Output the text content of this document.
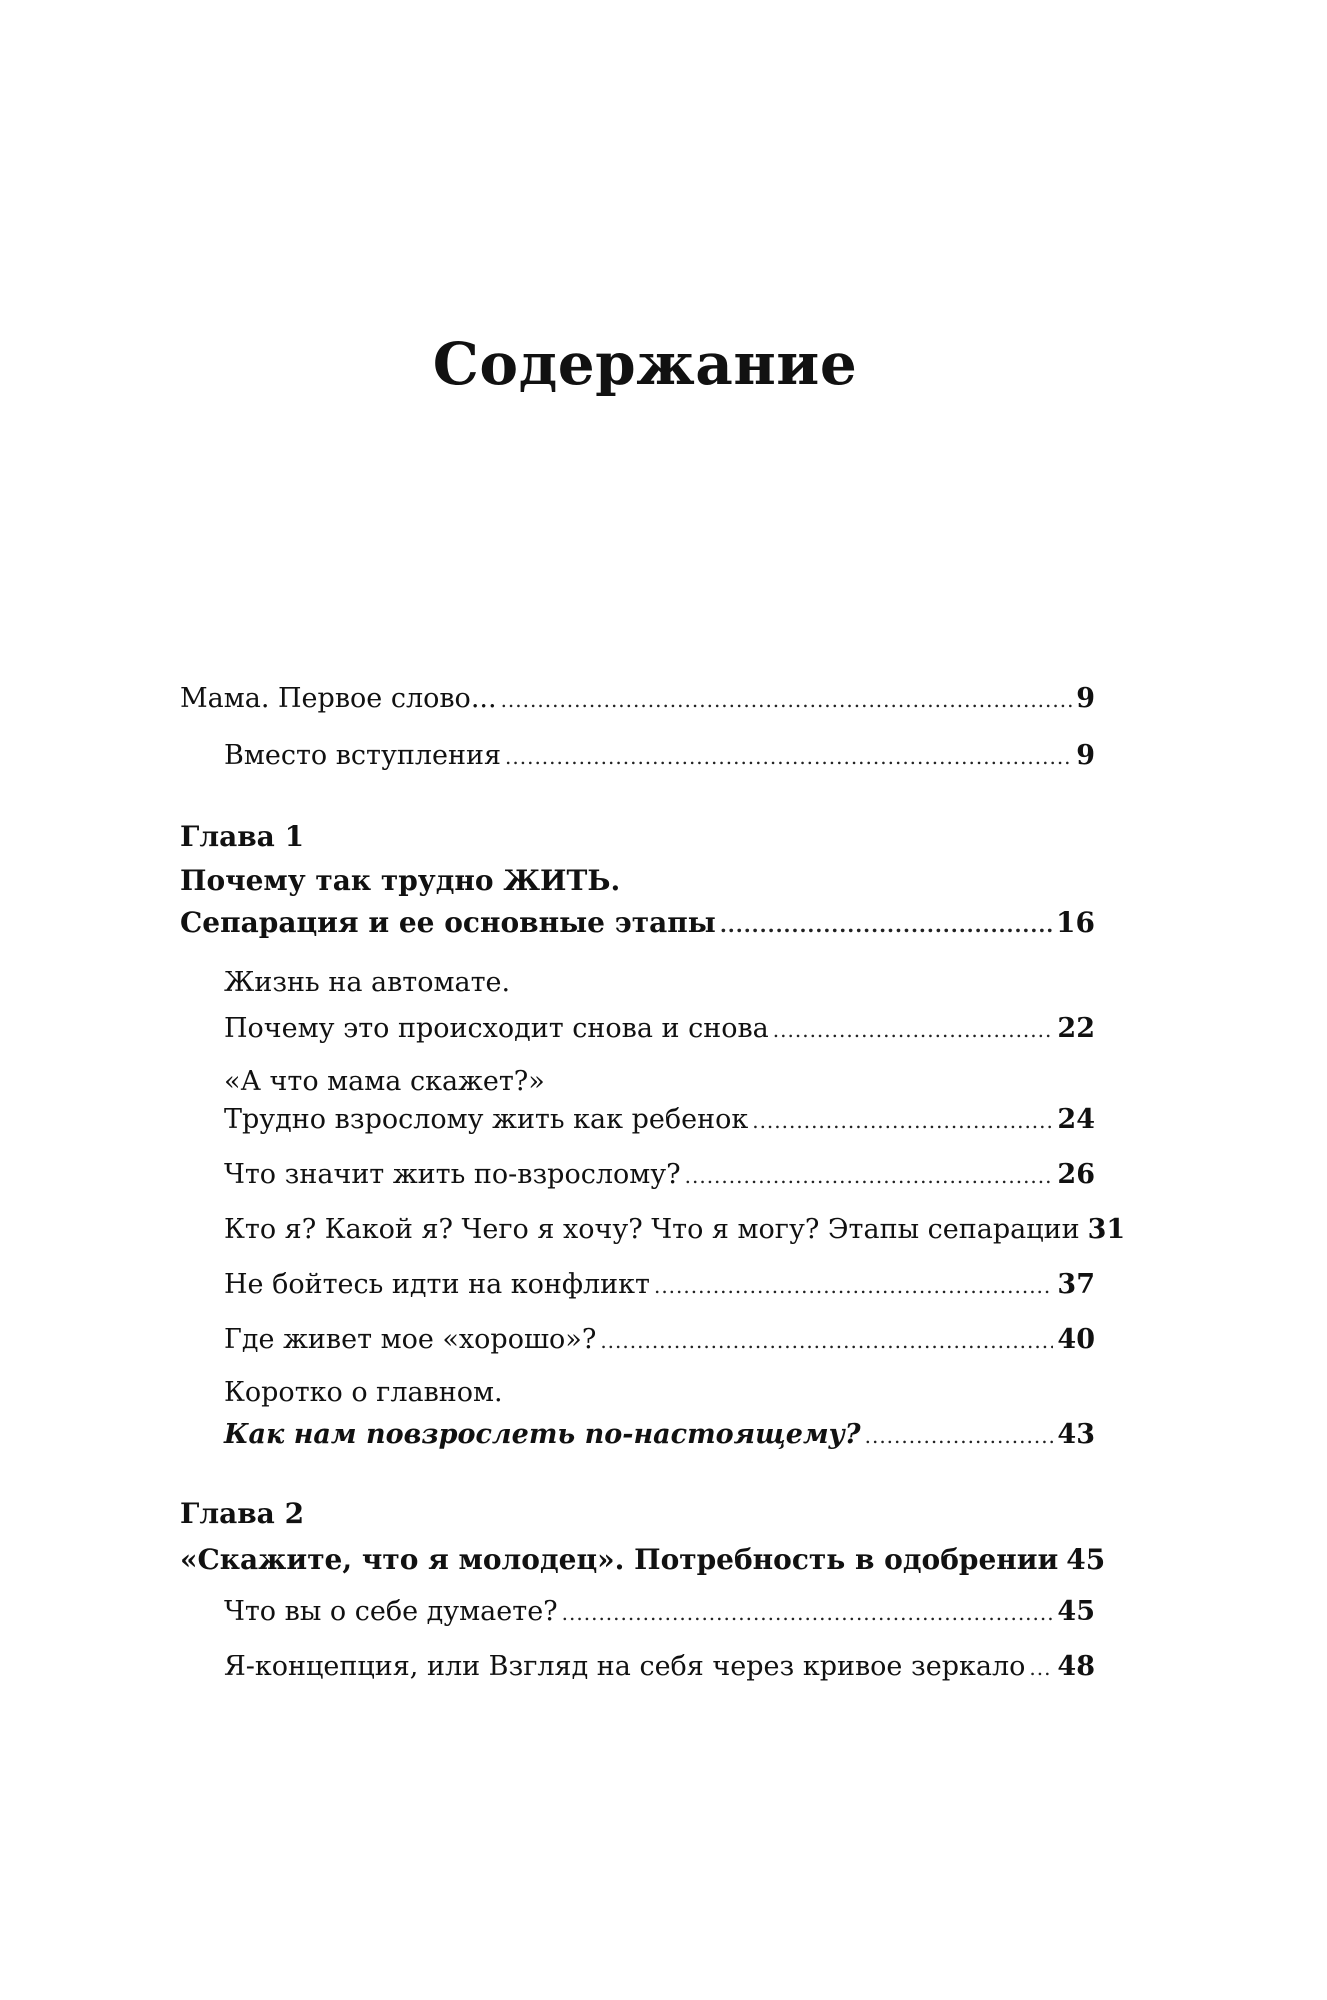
Содержание
Мама. Первое слово... .....	9
Вместо вступления .....	9
Глава 1
Почему так трудно ЖИТЬ.
Сепарация и ее основные этапы .....	16
Жизнь на автомате.
Почему это происходит снова и снова .....	22
«А что мама скажет?»
Трудно взрослому жить как ребенок .....	24
Что значит жить по-взрослому? .....	26
Кто я? Какой я? Чего я хочу? Что я могу? Этапы сепарации 31
Не бойтесь идти на конфликт .....	37
Где живет мое «хорошо»? .....	40
Коротко о главном.
Как нам повзрослеть по-настоящему? .....	43
Глава 2
«Скажите, что я молодец». Потребность в одобрении 45
Что вы о себе думаете? .....	45
Я-концепция, или Взгляд на себя через кривое зеркало ..... 48
